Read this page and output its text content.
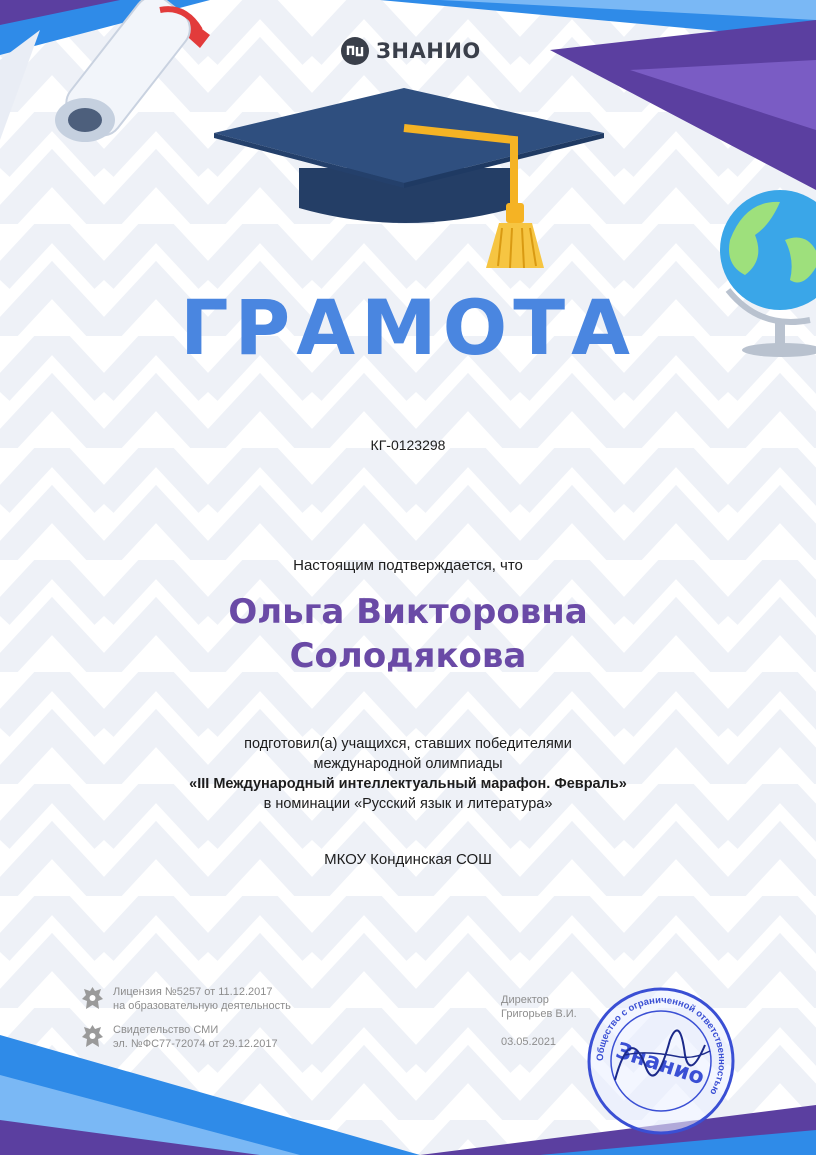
ЗНАНИО
ГРАМОТА
КГ-0123298
Настоящим подтверждается, что
Ольга Викторовна
Солодякова
подготовил(а) учащихся, ставших победителями
международной олимпиады
«III Международный интеллектуальный марафон. Февраль»
в номинации «Русский язык и литература»
МКОУ Кондинская СОШ
Лицензия №5257 от 11.12.2017
на образовательную деятельность
Свидетельство СМИ
эл. №ФС77-72074 от 29.12.2017
Директор
Григорьев В.И.
03.05.2021
Общество с ограниченной ответственностью
Знанио
